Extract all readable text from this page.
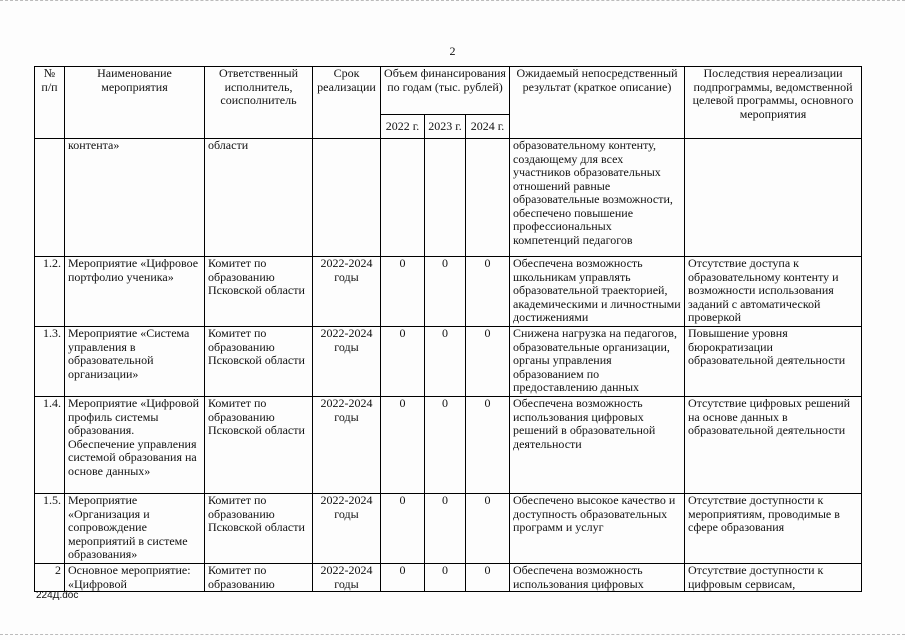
2
№ п/п	Наименование мероприятия	Ответственный исполнитель, соисполнитель	Срок реализации	Объем финансирования по годам (тыс. рублей)			Ожидаемый непосредственный результат (краткое описание)	Последствия нереализации подпрограммы, ведомственной целевой программы, основного мероприятия
				2022 г.	2023 г.	2024 г.		
	контента»	области					образовательному контенту, создающему для всех участников образовательных отношений равные образовательные возможности, обеспечено повышение профессиональных компетенций педагогов	
1.2.	Мероприятие «Цифровое портфолио ученика»	Комитет по образованию Псковской области	2022-2024 годы	0	0	0	Обеспечена возможность школьникам управлять образовательной траекторией, академическими и личностными достижениями	Отсутствие доступа к образовательному контенту и возможности использования заданий с автоматической проверкой
1.3.	Мероприятие «Система управления в образовательной организации»	Комитет по образованию Псковской области	2022-2024 годы	0	0	0	Снижена нагрузка на педагогов, образовательные организации, органы управления образованием по предоставлению данных	Повышение уровня бюрократизации образовательной деятельности
1.4.	Мероприятие «Цифровой профиль системы образования. Обеспечение управления системой образования на основе данных»	Комитет по образованию Псковской области	2022-2024 годы	0	0	0	Обеспечена возможность использования цифровых решений в образовательной деятельности	Отсутствие цифровых решений на основе данных в образовательной деятельности
1.5.	Мероприятие «Организация и сопровождение мероприятий в системе образования»	Комитет по образованию Псковской области	2022-2024 годы	0	0	0	Обеспечено высокое качество и доступность образовательных программ и услуг	Отсутствие доступности к мероприятиям, проводимые в сфере образования
2	Основное мероприятие: «Цифровой	Комитет по образованию	2022-2024 годы	0	0	0	Обеспечена возможность использования цифровых	Отсутствие доступности к цифровым сервисам,
224Д.doc
